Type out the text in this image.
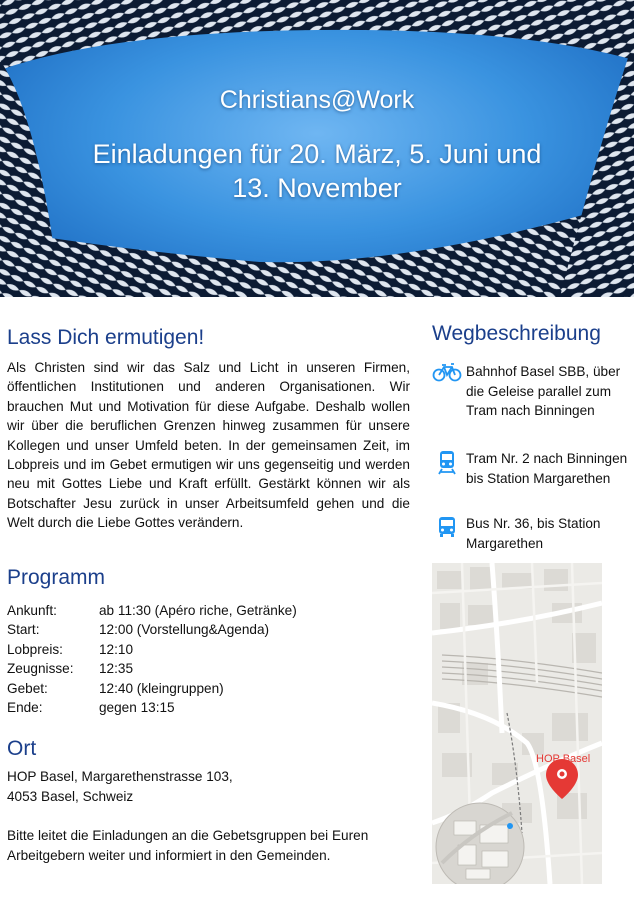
Christians@Work
Einladungen für 20. März, 5. Juni und 13. November
Lass Dich ermutigen!

Als Christen sind wir das Salz und Licht in unseren Firmen, öffentlichen Institutionen und anderen Organisationen. Wir brauchen Mut und Motivation für diese Aufgabe. Deshalb wollen wir über die beruflichen Grenzen hinweg zusammen für unsere Kollegen und unser Umfeld beten. In der gemeinsamen Zeit, im Lobpreis und im Gebet ermutigen wir uns gegenseitig und werden neu mit Gottes Liebe und Kraft erfüllt. Gestärkt können wir als Botschafter Jesu zurück in unser Arbeitsumfeld gehen und die Welt durch die Liebe Gottes verändern.

Programm
Ankunft:	ab 11:30 (Apéro riche, Getränke)
Start:	12:00 (Vorstellung&Agenda)
Lobpreis:	12:10
Zeugnisse:	12:35
Gebet:	12:40 (kleingruppen)
Ende:	gegen 13:15
Ort
HOP Basel, Margarethenstrasse 103,
4053 Basel, Schweiz
Bitte leitet die Einladungen an die Gebetsgruppen bei Euren Arbeitgebern weiter und informiert in den Gemeinden.
Wegbeschreibung
Bahnhof Basel SBB, über die Geleise parallel zum Tram nach Binningen
Tram Nr. 2 nach Binningen bis Station Margarethen
Bus Nr. 36, bis Station Margarethen
HOP Basel
